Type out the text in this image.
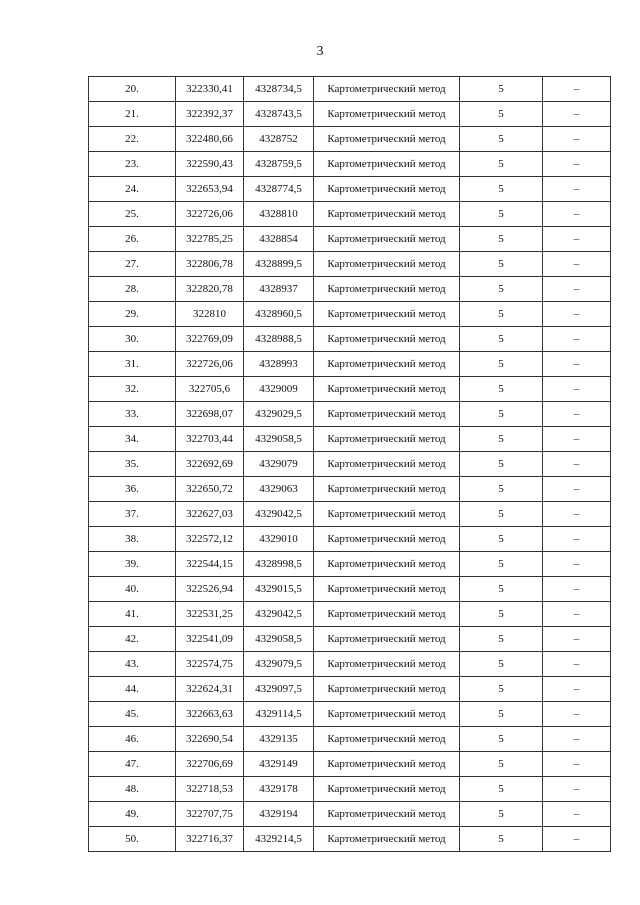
3
20.	322330,41	4328734,5	Картометрический метод	5	–
21.	322392,37	4328743,5	Картометрический метод	5	–
22.	322480,66	4328752	Картометрический метод	5	–
23.	322590,43	4328759,5	Картометрический метод	5	–
24.	322653,94	4328774,5	Картометрический метод	5	–
25.	322726,06	4328810	Картометрический метод	5	–
26.	322785,25	4328854	Картометрический метод	5	–
27.	322806,78	4328899,5	Картометрический метод	5	–
28.	322820,78	4328937	Картометрический метод	5	–
29.	322810	4328960,5	Картометрический метод	5	–
30.	322769,09	4328988,5	Картометрический метод	5	–
31.	322726,06	4328993	Картометрический метод	5	–
32.	322705,6	4329009	Картометрический метод	5	–
33.	322698,07	4329029,5	Картометрический метод	5	–
34.	322703,44	4329058,5	Картометрический метод	5	–
35.	322692,69	4329079	Картометрический метод	5	–
36.	322650,72	4329063	Картометрический метод	5	–
37.	322627,03	4329042,5	Картометрический метод	5	–
38.	322572,12	4329010	Картометрический метод	5	–
39.	322544,15	4328998,5	Картометрический метод	5	–
40.	322526,94	4329015,5	Картометрический метод	5	–
41.	322531,25	4329042,5	Картометрический метод	5	–
42.	322541,09	4329058,5	Картометрический метод	5	–
43.	322574,75	4329079,5	Картометрический метод	5	–
44.	322624,31	4329097,5	Картометрический метод	5	–
45.	322663,63	4329114,5	Картометрический метод	5	–
46.	322690,54	4329135	Картометрический метод	5	–
47.	322706,69	4329149	Картометрический метод	5	–
48.	322718,53	4329178	Картометрический метод	5	–
49.	322707,75	4329194	Картометрический метод	5	–
50.	322716,37	4329214,5	Картометрический метод	5	–
